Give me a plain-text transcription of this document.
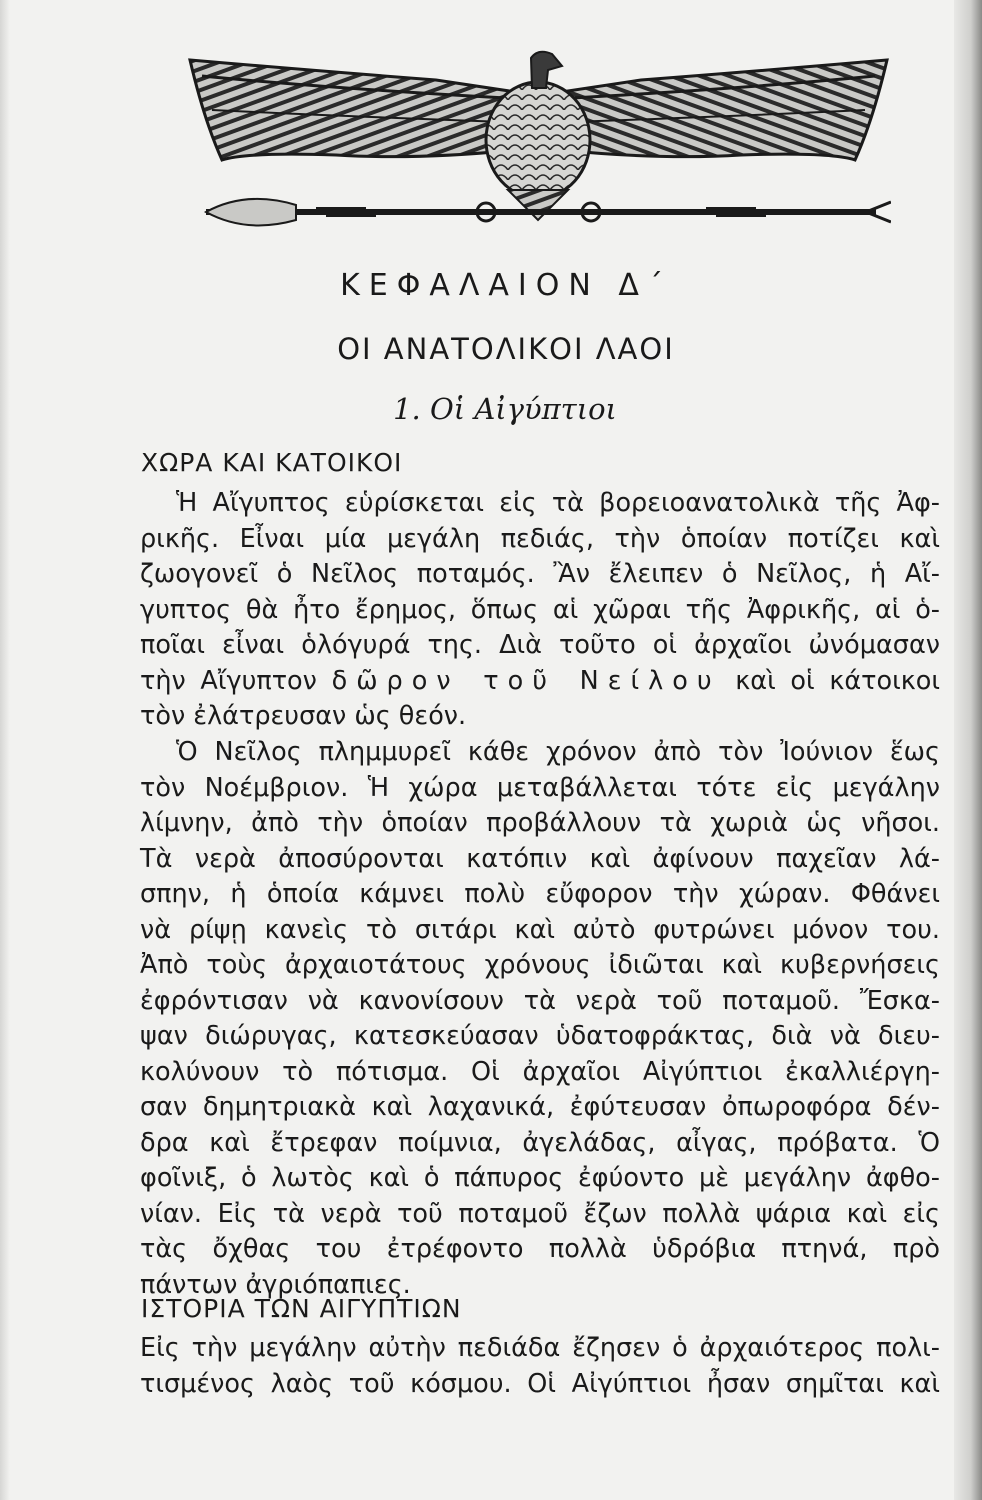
ΚΕΦΑΛΑΙΟΝ Δ΄
ΟΙ ΑΝΑΤΟΛΙΚΟΙ ΛΑΟΙ
1. Οἱ Αἰγύπτιοι
ΧΩΡΑ ΚΑΙ ΚΑΤΟΙΚΟΙ
Ἡ Αἴγυπτος εὑρίσκεται εἰς τὰ βορειοανατολικὰ τῆς Ἀφ-
ρικῆς. Εἶναι μία μεγάλη πεδιάς, τὴν ὁποίαν ποτίζει καὶ
ζωογονεῖ ὁ Νεῖλος ποταμός. Ἂν ἔλειπεν ὁ Νεῖλος, ἡ Αἴ-
γυπτος θὰ ἦτο ἔρημος, ὅπως αἱ χῶραι τῆς Ἀφρικῆς, αἱ ὁ-
ποῖαι εἶναι ὁλόγυρά της. Διὰ τοῦτο οἱ ἀρχαῖοι ὠνόμασαν
τὴν Αἴγυπτον δῶρον τοῦ Νείλου καὶ οἱ κάτοικοι
τὸν ἐλάτρευσαν ὡς θεόν.
Ὁ Νεῖλος πλημμυρεῖ κάθε χρόνον ἀπὸ τὸν Ἰούνιον ἕως
τὸν Νοέμβριον. Ἡ χώρα μεταβάλλεται τότε εἰς μεγάλην
λίμνην, ἀπὸ τὴν ὁποίαν προβάλλουν τὰ χωριὰ ὡς νῆσοι.
Τὰ νερὰ ἀποσύρονται κατόπιν καὶ ἀφίνουν παχεῖαν λά-
σπην, ἡ ὁποία κάμνει πολὺ εὔφορον τὴν χώραν. Φθάνει
νὰ ρίψῃ κανεὶς τὸ σιτάρι καὶ αὐτὸ φυτρώνει μόνον του.
Ἀπὸ τοὺς ἀρχαιοτάτους χρόνους ἰδιῶται καὶ κυβερνήσεις
ἐφρόντισαν νὰ κανονίσουν τὰ νερὰ τοῦ ποταμοῦ. Ἔσκα-
ψαν διώρυγας, κατεσκεύασαν ὑδατοφράκτας, διὰ νὰ διευ-
κολύνουν τὸ πότισμα. Οἱ ἀρχαῖοι Αἰγύπτιοι ἐκαλλιέργη-
σαν δημητριακὰ καὶ λαχανικά, ἐφύτευσαν ὀπωροφόρα δέν-
δρα καὶ ἔτρεφαν ποίμνια, ἀγελάδας, αἶγας, πρόβατα. Ὁ
φοῖνιξ, ὁ λωτὸς καὶ ὁ πάπυρος ἐφύοντο μὲ μεγάλην ἀφθο-
νίαν. Εἰς τὰ νερὰ τοῦ ποταμοῦ ἔζων πολλὰ ψάρια καὶ εἰς
τὰς ὄχθας του ἐτρέφοντο πολλὰ ὑδρόβια πτηνά, πρὸ
πάντων ἀγριόπαπιες.
ΙΣΤΟΡΙΑ ΤΩΝ ΑΙΓΥΠΤΙΩΝ
Εἰς τὴν μεγάλην αὐτὴν πεδιάδα ἔζησεν ὁ ἀρχαιότερος πολι-
τισμένος λαὸς τοῦ κόσμου. Οἱ Αἰγύπτιοι ἦσαν σημῖται καὶ
